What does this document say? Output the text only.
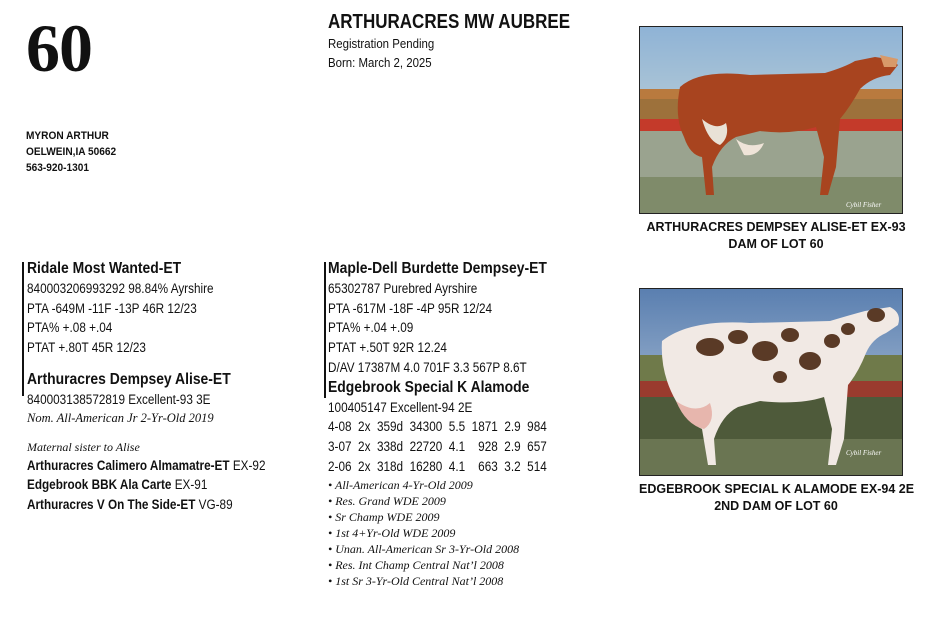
60
MYRON ARTHUR
OELWEIN,IA 50662
563-920-1301
ARTHURACRES MW AUBREE
Registration Pending
Born: March 2, 2025
Cybil Fisher
ARTHURACRES DEMPSEY ALISE-ET EX-93
DAM OF LOT 60
Cybil Fisher
EDGEBROOK SPECIAL K ALAMODE EX-94 2E
2ND DAM OF LOT 60
Ridale Most Wanted-ET
840003206993292 98.84% Ayrshire
PTA -649M -11F -13P 46R 12/23
PTA% +.08 +.04
PTAT +.80T 45R 12/23
Arthuracres Dempsey Alise-ET
840003138572819 Excellent-93 3E
Nom. All-American Jr 2-Yr-Old 2019
Maternal sister to Alise
Arthuracres Calimero Almamatre-ET EX-92
Edgebrook BBK Ala Carte EX-91
Arthuracres V On The Side-ET VG-89
Maple-Dell Burdette Dempsey-ET
65302787 Purebred Ayrshire
PTA -617M -18F -4P 95R 12/24
PTA% +.04 +.09
PTAT +.50T 92R 12.24
D/AV 17387M 4.0 701F 3.3 567P 8.6T
Edgebrook Special K Alamode
100405147 Excellent-94 2E
4-08  2x  359d  34300  5.5  1871  2.9  984
3-07  2x  338d  22720  4.1    928  2.9  657
2-06  2x  318d  16280  4.1    663  3.2  514
• All-American 4-Yr-Old 2009
• Res. Grand WDE 2009
• Sr Champ WDE 2009
• 1st 4+Yr-Old WDE 2009
• Unan. All-American Sr 3-Yr-Old 2008
• Res. Int Champ Central Nat’l 2008
• 1st Sr 3-Yr-Old Central Nat’l 2008
